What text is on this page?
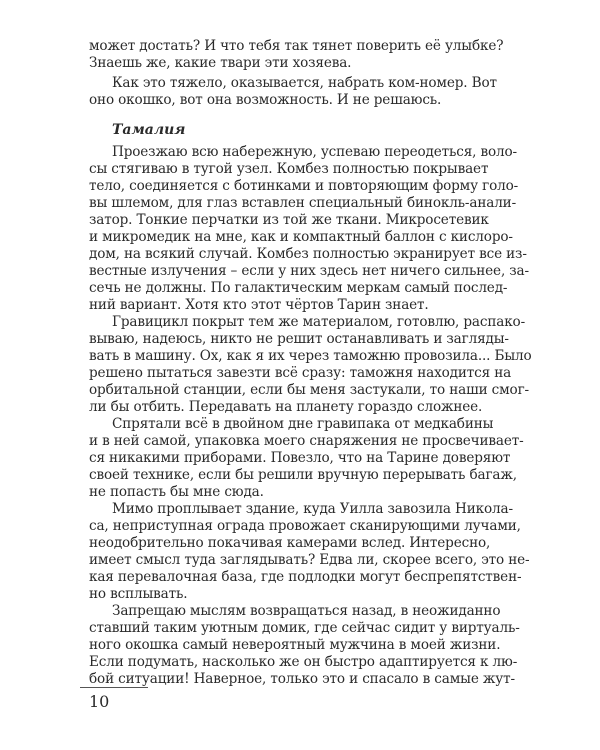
может достать? И что тебя так тянет поверить её улыбке?
Знаешь же, какие твари эти хозяева.
Как это тяжело, оказывается, набрать ком-номер. Вот
оно окошко, вот она возможность. И не решаюсь.
Тамалия
Проезжаю всю набережную, успеваю переодеться, воло-
сы стягиваю в тугой узел. Комбез полностью покрывает
тело, соединяется с ботинками и повторяющим форму голо-
вы шлемом, для глаз вставлен специальный бинокль-анали-
затор. Тонкие перчатки из той же ткани. Микросетевик
и микромедик на мне, как и компактный баллон с кислоро-
дом, на всякий случай. Комбез полностью экранирует все из-
вестные излучения – если у них здесь нет ничего сильнее, за-
сечь не должны. По галактическим меркам самый послед-
ний вариант. Хотя кто этот чёртов Тарин знает.
Гравицикл покрыт тем же материалом, готовлю, распако-
вываю, надеюсь, никто не решит останавливать и загляды-
вать в машину. Ох, как я их через таможню провозила... Было
решено пытаться завезти всё сразу: таможня находится на
орбитальной станции, если бы меня застукали, то наши смог-
ли бы отбить. Передавать на планету гораздо сложнее.
Спрятали всё в двойном дне гравипака от медкабины
и в ней самой, упаковка моего снаряжения не просвечивает-
ся никакими приборами. Повезло, что на Тарине доверяют
своей технике, если бы решили вручную перерывать багаж,
не попасть бы мне сюда.
Мимо проплывает здание, куда Уилла завозила Никола-
са, неприступная ограда провожает сканирующими лучами,
неодобрительно покачивая камерами вслед. Интересно,
имеет смысл туда заглядывать? Едва ли, скорее всего, это не-
кая перевалочная база, где подлодки могут беспрепятствен-
но всплывать.
Запрещаю мыслям возвращаться назад, в неожиданно
ставший таким уютным домик, где сейчас сидит у виртуаль-
ного окошка самый невероятный мужчина в моей жизни.
Если подумать, насколько же он быстро адаптируется к лю-
бой ситуации! Наверное, только это и спасало в самые жут-
10
